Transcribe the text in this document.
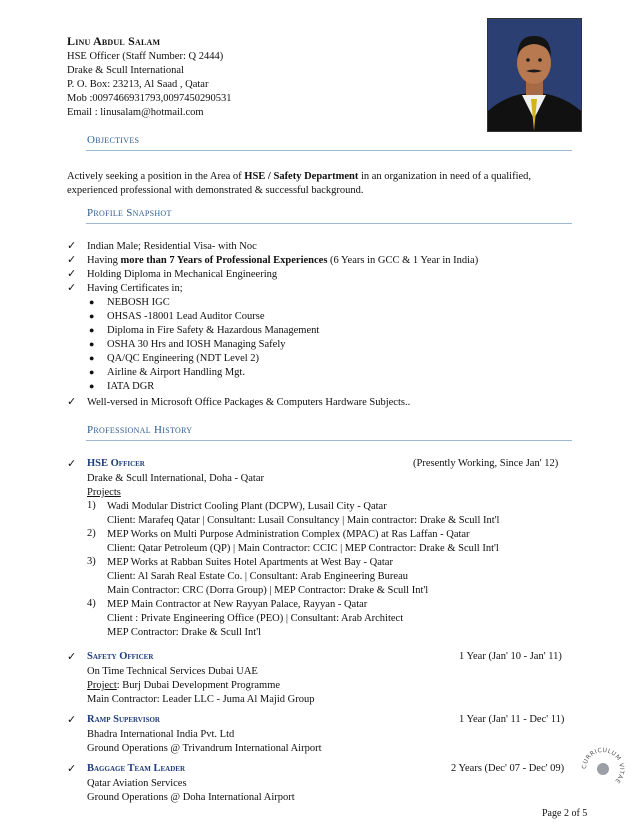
Linu Abdul Salam
HSE Officer (Staff Number: Q 2444)
Drake & Scull International
P. O. Box: 23213, Al Saad , Qatar
Mob :0097466931793,0097450290531
Email : linusalam@hotmail.com
Objectives
Actively seeking a position in the Area of HSE / Safety Department in an organization in need of a qualified,
experienced professional with demonstrated & successful background.
Profile Snapshot
✓ Indian Male; Residential Visa- with Noc
✓ Having more than 7 Years of Professional Experiences (6 Years in GCC & 1 Year in India)
✓ Holding Diploma in Mechanical Engineering
✓ Having Certificates in;
● NEBOSH IGC
● OHSAS -18001 Lead Auditor Course
● Diploma in Fire Safety & Hazardous Management
● OSHA 30 Hrs and IOSH Managing Safely
● QA/QC Engineering (NDT Level 2)
● Airline & Airport Handling Mgt.
● IATA DGR
✓ Well-versed in Microsoft Office Packages & Computers Hardware Subjects..
Professional History
✓ HSE Officer	(Presently Working, Since Jan' 12)
Drake & Scull International, Doha - Qatar
Projects
1) Wadi Modular District Cooling Plant (DCPW), Lusail City - Qatar
Client: Marafeq Qatar | Consultant: Lusail Consultancy | Main contractor: Drake & Scull Int'l
2) MEP Works on Multi Purpose Administration Complex (MPAC) at Ras Laffan - Qatar
Client: Qatar Petroleum (QP) | Main Contractor: CCIC | MEP Contractor: Drake & Scull Int'l
3) MEP Works at Rabban Suites Hotel Apartments at West Bay - Qatar
Client: Al Sarah Real Estate Co. | Consultant: Arab Engineering Bureau
Main Contractor: CRC (Dorra Group) | MEP Contractor: Drake & Scull Int'l
4) MEP Main Contractor at New Rayyan Palace, Rayyan - Qatar
Client : Private Engineering Office (PEO) | Consultant: Arab Architect
MEP Contractor: Drake & Scull Int'l
✓ Safety Officer	1 Year (Jan' 10 - Jan' 11)
On Time Technical Services Dubai UAE
Project: Burj Dubai Development Programme
Main Contractor: Leader LLC - Juma Al Majid Group
✓ Ramp Supervisor	1 Year (Jan' 11 - Dec' 11)
Bhadra International India Pvt. Ltd
Ground Operations @ Trivandrum International Airport
✓ Baggage Team Leader	2 Years (Dec' 07 - Dec' 09)
Qatar Aviation Services
Ground Operations @ Doha International Airport
CURRICULUM VITAE
Page 2 of 5
